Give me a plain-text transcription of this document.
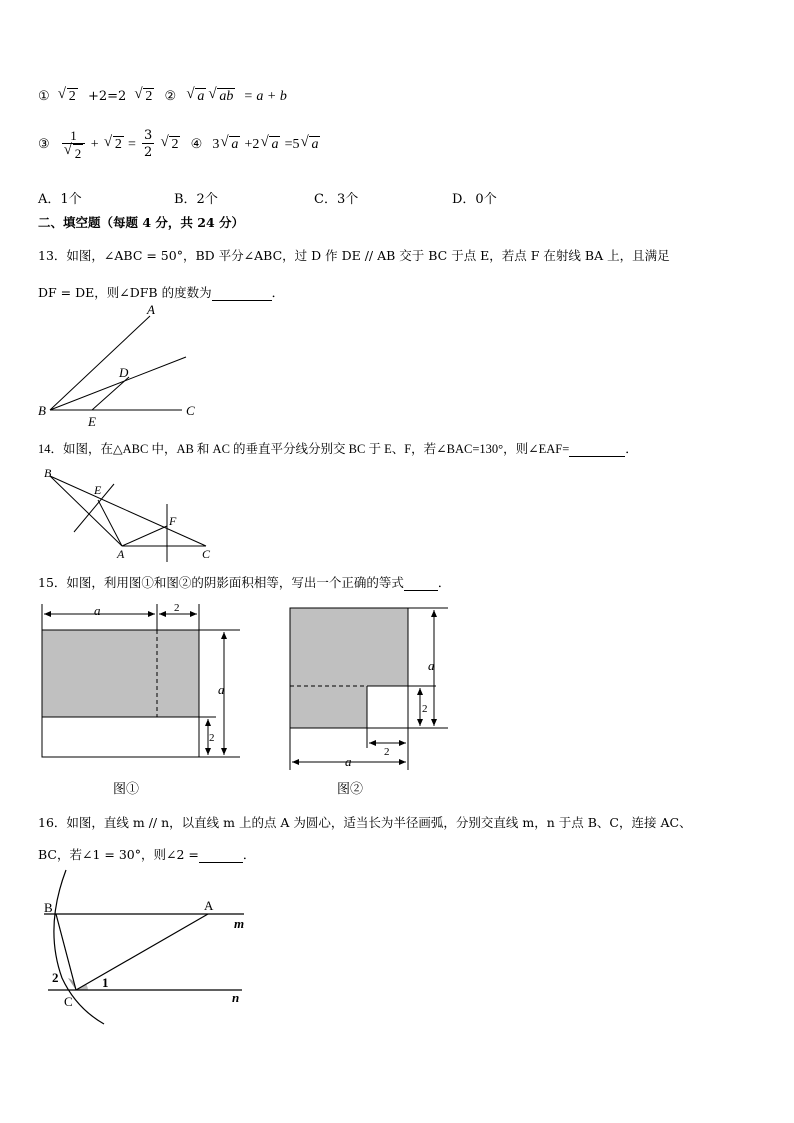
① √ 2 +2=2 √ 2 ② √ a √ ab = a + b
③ 1
√ 2 + √ $2 = \frac{3}{2}$ √ 2 ④ 3 √ a +2 √ a =5 √ a
A．1个	B．2个	C．3个	D．0个
二、填空题（每题 4 分，共 24 分）
13．如图，∠ABC = 50°，BD 平分∠ABC，过 D 作 DE // AB 交于 BC 于点 E，若点 F 在射线 BA 上，且满足
DF = DE，则∠DFB 的度数为	．
A
B	C
D
E
14．如图，在△ABC 中，AB 和 AC 的垂直平分线分别交 BC 于 E、F，若∠BAC=130°，则∠EAF=	．
B
E
F
A	C
15．如图，利用图①和图②的阴影面积相等，写出一个正确的等式	．
a	2
a
2
图①
a
2
2
a
图②
16．如图，直线 m // n，以直线 m 上的点 A 为圆心，适当长为半径画弧，分别交直线 m，n 于点 B、C，连接 AC、
BC，若∠1 = 30°，则∠2 =	．
B	A
C
m
n
1
2
